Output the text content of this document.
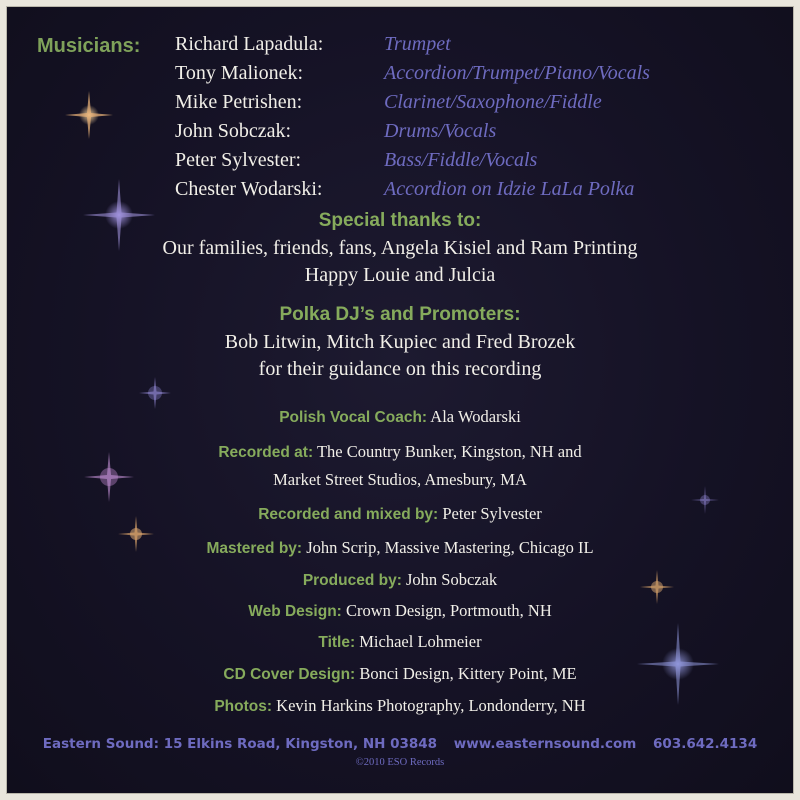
Musicians: Richard Lapadula:	Trumpet
Tony Malionek:	Accordion/Trumpet/Piano/Vocals
Mike Petrishen:	Clarinet/Saxophone/Fiddle
John Sobczak:	Drums/Vocals
Peter Sylvester:	Bass/Fiddle/Vocals
Chester Wodarski:	Accordion on Idzie LaLa Polka
Special thanks to:
Our families, friends, fans, Angela Kisiel and Ram Printing
Happy Louie and Julcia
Polka DJ’s and Promoters:
Bob Litwin, Mitch Kupiec and Fred Brozek
for their guidance on this recording
Polish Vocal Coach: Ala Wodarski
Recorded at: The Country Bunker, Kingston, NH and
Market Street Studios, Amesbury, MA
Recorded and mixed by: Peter Sylvester
Mastered by: John Scrip, Massive Mastering, Chicago IL
Produced by: John Sobczak
Web Design: Crown Design, Portmouth, NH
Title: Michael Lohmeier
CD Cover Design: Bonci Design, Kittery Point, ME
Photos: Kevin Harkins Photography, Londonderry, NH
Eastern Sound: 15 Elkins Road, Kingston, NH 03848 www.easternsound.com 603.642.4134
©2010 ESO Records
